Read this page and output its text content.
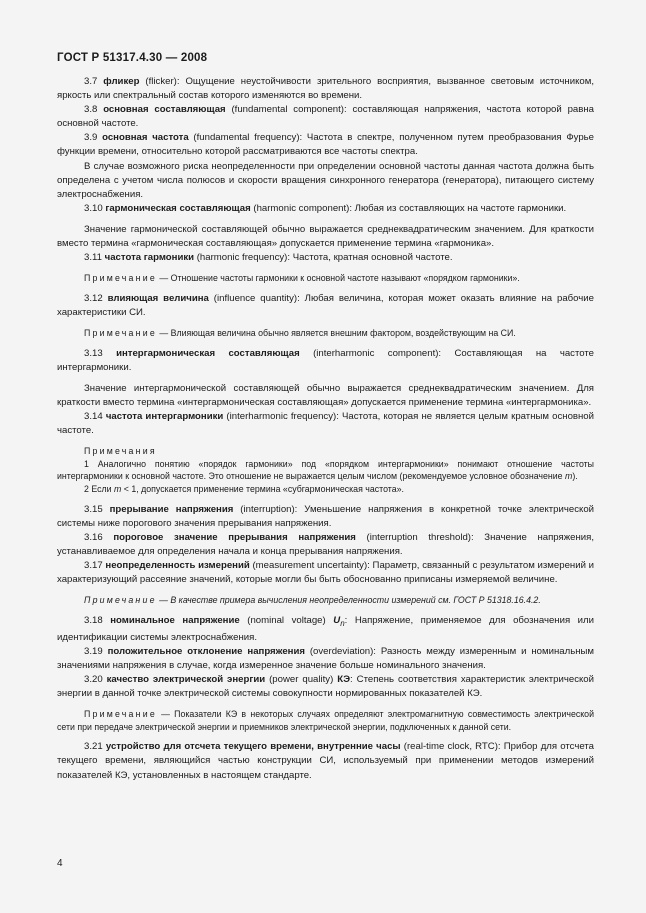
ГОСТ Р 51317.4.30 — 2008

3.7 фликер (flicker): Ощущение неустойчивости зрительного восприятия, вызванное световым источником, яркость или спектральный состав которого изменяются во времени.

3.8 основная составляющая (fundamental component): составляющая напряжения, частота которой равна основной частоте.

3.9 основная частота (fundamental frequency): Частота в спектре, полученном путем преобразования Фурье функции времени, относительно которой рассматриваются все частоты спектра.

В случае возможного риска неопределенности при определении основной частоты данная частота должна быть определена с учетом числа полюсов и скорости вращения синхронного генератора (генератора), питающего систему электроснабжения.

3.10 гармоническая составляющая (harmonic component): Любая из составляющих на частоте гармоники.

Значение гармонической составляющей обычно выражается среднеквадратическим значением. Для краткости вместо термина «гармоническая составляющая» допускается применение термина «гармоника».

3.11 частота гармоники (harmonic frequency): Частота, кратная основной частоте.

Примечание — Отношение частоты гармоники к основной частоте называют «порядком гармоники».

3.12 влияющая величина (influence quantity): Любая величина, которая может оказать влияние на рабочие характеристики СИ.

Примечание — Влияющая величина обычно является внешним фактором, воздействующим на СИ.

3.13 интергармоническая составляющая (interharmonic component): Составляющая на частоте интергармоники.

Значение интергармонической составляющей обычно выражается среднеквадратическим значением. Для краткости вместо термина «интергармоническая составляющая» допускается применение термина «интергармоника».

3.14 частота интергармоники (interharmonic frequency): Частота, которая не является целым кратным основной частоте.

Примечания

1 Аналогично понятию «порядок гармоники» под «порядком интергармоники» понимают отношение частоты интергармоники к основной частоте. Это отношение не выражается целым числом (рекомендуемое условное обозначение m).

2 Если m < 1, допускается применение термина «субгармоническая частота».

3.15 прерывание напряжения (interruption): Уменьшение напряжения в конкретной точке электрической системы ниже порогового значения прерывания напряжения.

3.16 пороговое значение прерывания напряжения (interruption threshold): Значение напряжения, устанавливаемое для определения начала и конца прерывания напряжения.

3.17 неопределенность измерений (measurement uncertainty): Параметр, связанный с результатом измерений и характеризующий рассеяние значений, которые могли бы быть обоснованно приписаны измеряемой величине.

Примечание — В качестве примера вычисления неопределенности измерений см. ГОСТ Р 51318.16.4.2.

3.18 номинальное напряжение (nominal voltage) $U_n$: Напряжение, применяемое для обозначения или идентификации системы электроснабжения.

3.19 положительное отклонение напряжения (overdeviation): Разность между измеренным и номинальным значениями напряжения в случае, когда измеренное значение больше номинального значения.

3.20 качество электрической энергии (power quality) КЭ: Степень соответствия характеристик электрической энергии в данной точке электрической системы совокупности нормированных показателей КЭ.

Примечание — Показатели КЭ в некоторых случаях определяют электромагнитную совместимость электрической сети при передаче электрической энергии и приемников электрической энергии, подключенных к данной сети.

3.21 устройство для отсчета текущего времени, внутренние часы (real-time clock, RTC): Прибор для отсчета текущего времени, являющийся частью конструкции СИ, используемый при применении методов измерений показателей КЭ, установленных в настоящем стандарте.

4
